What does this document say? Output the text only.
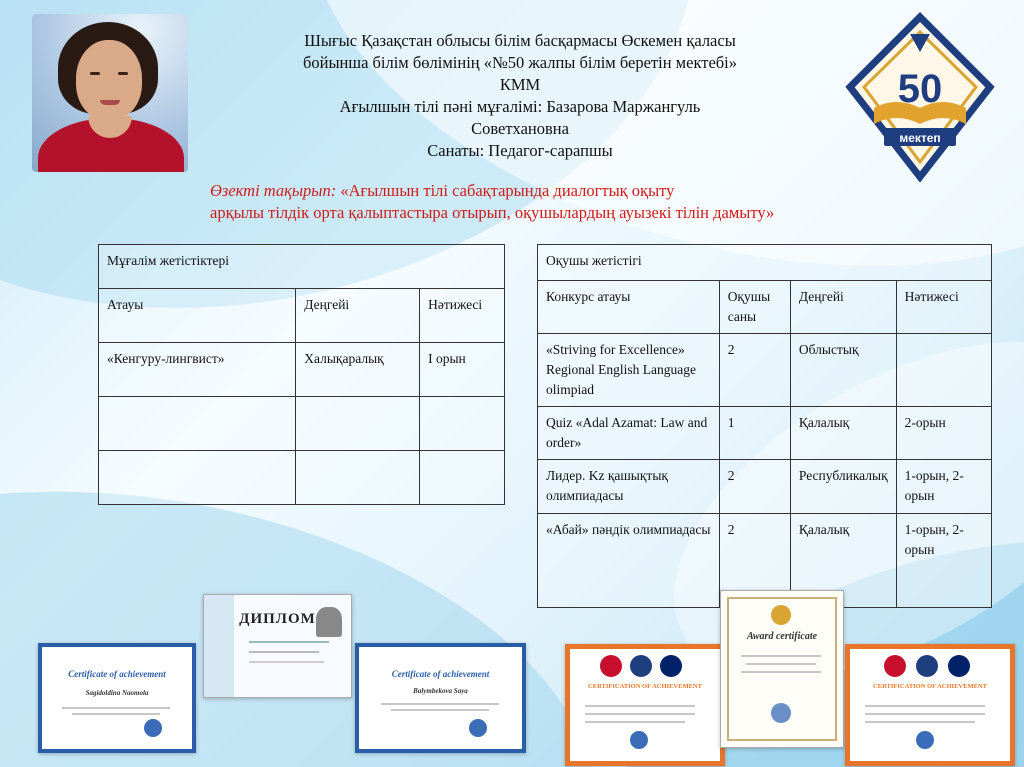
Шығыс Қазақстан облысы білім басқармасы Өскемен қаласы

бойынша білім бөлімінің «№50 жалпы білім беретін мектебі»

КММ

Ағылшын тілі пәні мұғалімі: Базарова Маржангуль

Советхановна

Санаты: Педагог-сарапшы

Өзекті тақырып: «Ағылшын тілі сабақтарында диалогтық оқыту

арқылы тілдік орта қалыптастыра отырып, оқушылардың ауызекі тілін дамыту»

50
мектеп
Мұғалім жетістіктері		
Атауы	Деңгейі	Нәтижесі
«Кенгуру-лингвист»	Халықаралық	I орын

Оқушы жетістігі			
Конкурс атауы	Оқушы саны	Деңгейі	Нәтижесі
«Striving for Excellence» Regional English Language olimpiad	2	Облыстық	
Quiz «Adal Azamat: Law and order»	1	Қалалық	2-орын
Лидер. Kz қашықтық олимпиадасы	2	Республикалық	1-орын, 2-орын
«Абай» пәндік олимпиадасы	2	Қалалық	1-орын, 2-орын
Certificate of achievement
Sagidoldina Naomola
ДИПЛОМ
Certificate of achievement
Balymbekova Saya
CERTIFICATION OF ACHIEVEMENT
Award certificate
CERTIFICATION OF ACHIEVEMENT
